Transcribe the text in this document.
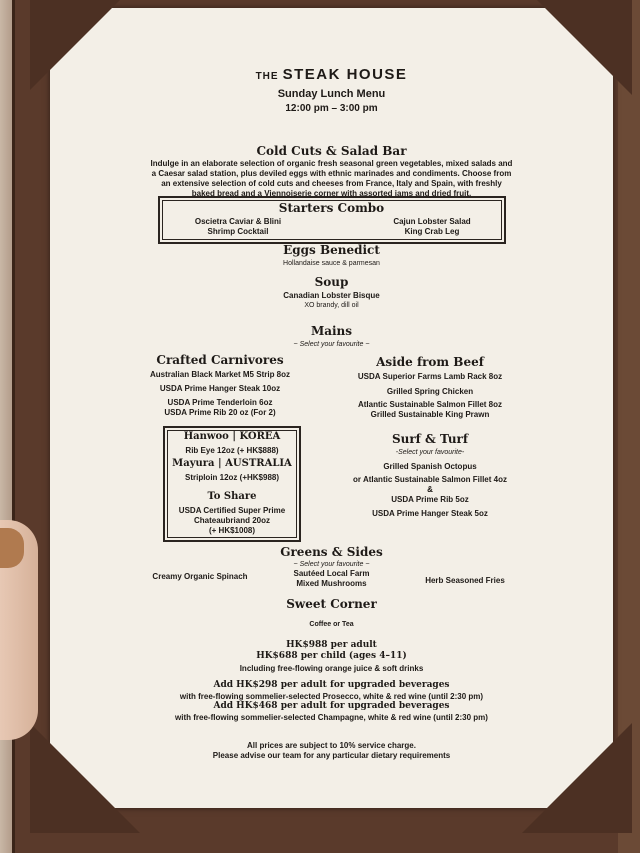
THE STEAK HOUSE
Sunday Lunch Menu
12:00 pm – 3:00 pm
Cold Cuts & Salad Bar
Indulge in an elaborate selection of organic fresh seasonal green vegetables, mixed salads and
a Caesar salad station, plus deviled eggs with ethnic marinades and condiments. Choose from
an extensive selection of cold cuts and cheeses from France, Italy and Spain, with freshly
baked bread and a Viennoiserie corner with assorted jams and dried fruit.
Starters Combo
Oscietra Caviar & Blini
Shrimp Cocktail
Cajun Lobster Salad
King Crab Leg
Eggs Benedict
Hollandaise sauce & parmesan
Soup
Canadian Lobster Bisque
XO brandy, dill oil
Mains
~ Select your favourite ~
Crafted Carnivores
Australian Black Market M5 Strip 8oz
USDA Prime Hanger Steak 10oz
USDA Prime Tenderloin 6oz
USDA Prime Rib 20 oz (For 2)
Aside from Beef
USDA Superior Farms Lamb Rack 8oz
Grilled Spring Chicken
Atlantic Sustainable Salmon Fillet 8oz
Grilled Sustainable King Prawn
Hanwoo | KOREA
Rib Eye 12oz (+ HK$888)
Mayura | AUSTRALIA
Striploin 12oz (+HK$988)
To Share
USDA Certified Super Prime
Chateaubriand 20oz
(+ HK$1008)
Surf & Turf
-Select your favourite-
Grilled Spanish Octopus
or Atlantic Sustainable Salmon Fillet 4oz
&
USDA Prime Rib 5oz
USDA Prime Hanger Steak 5oz
Greens & Sides
~ Select your favourite ~
Creamy Organic Spinach	Sautéed Local Farm
Mixed Mushrooms	Herb Seasoned Fries
Sweet Corner
Coffee or Tea
HK$988 per adult
HK$688 per child (ages 4–11)
Including free-flowing orange juice & soft drinks
Add HK$298 per adult for upgraded beverages
with free-flowing sommelier-selected Prosecco, white & red wine (until 2:30 pm)
Add HK$468 per adult for upgraded beverages
with free-flowing sommelier-selected Champagne, white & red wine (until 2:30 pm)
All prices are subject to 10% service charge.
Please advise our team for any particular dietary requirements
